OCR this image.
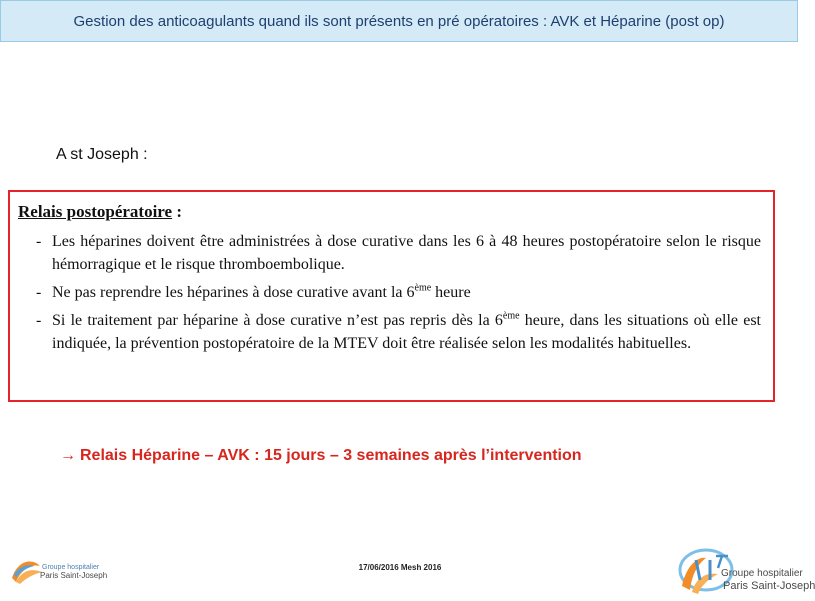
Gestion des anticoagulants quand ils sont présents en pré opératoires : AVK et Héparine (post op)
A st Joseph :
Relais postopératoire :
- Les héparines doivent être administrées à dose curative dans les 6 à 48 heures postopératoire selon le risque hémorragique et le risque thromboembolique.
- Ne pas reprendre les héparines à dose curative avant la 6ème heure
- Si le traitement par héparine à dose curative n’est pas repris dès la 6ème heure, dans les situations où elle est indiquée, la prévention postopératoire de la MTEV doit être réalisée selon les modalités habituelles.
→ Relais Héparine – AVK : 15 jours – 3 semaines après l’intervention
Groupe hospitalier
Paris Saint-Joseph
17/06/2016 Mesh 2016
Groupe hospitalier
Paris Saint-Joseph
